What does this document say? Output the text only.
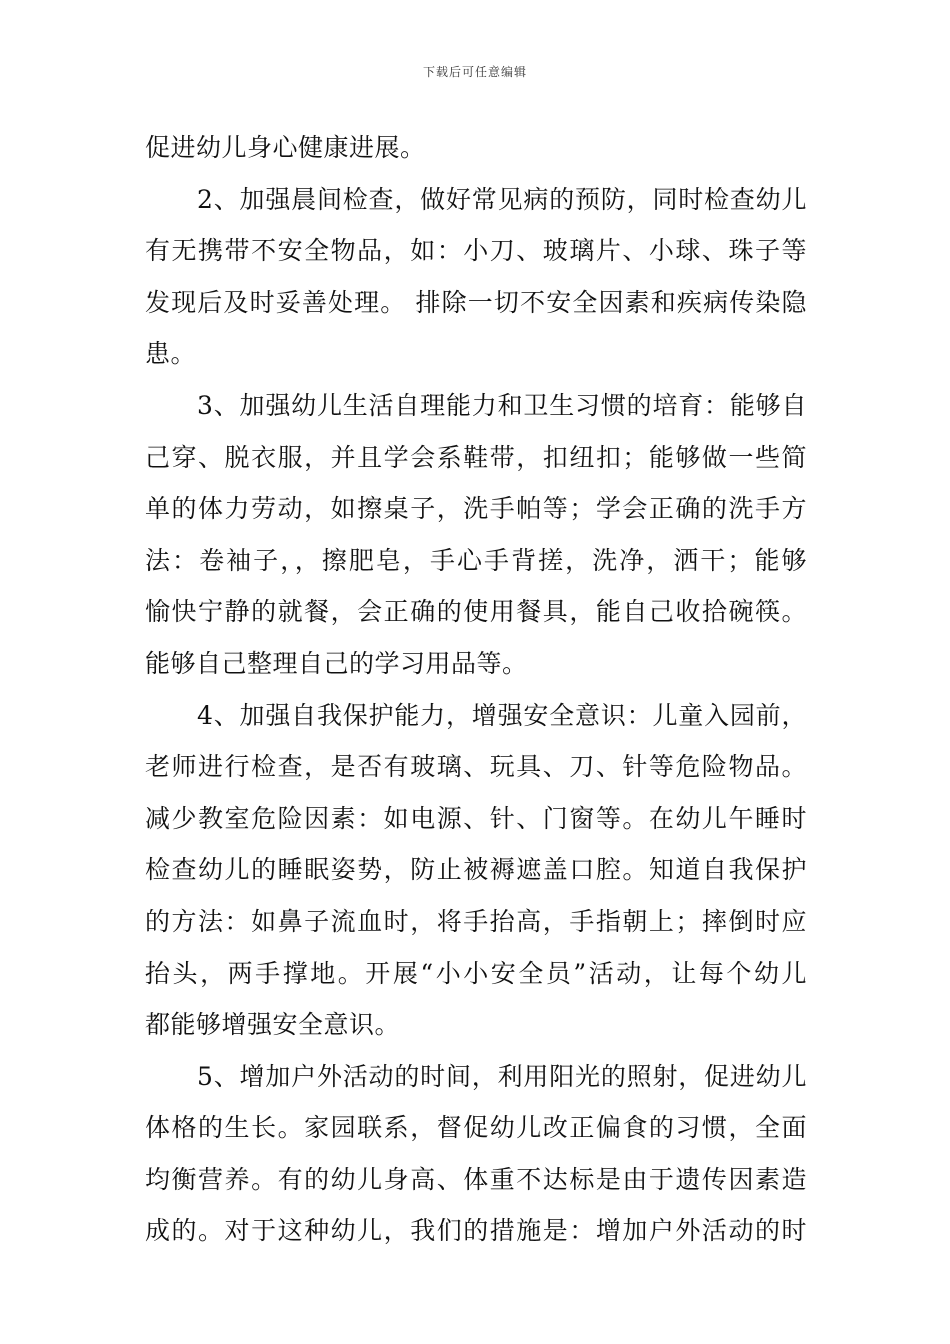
下载后可任意编辑
促进幼儿身心健康进展。
2、加强晨间检查，做好常见病的预防，同时检查幼儿
有无携带不安全物品，如：小刀、玻璃片、小球、珠子等
发现后及时妥善处理。 排除一切不安全因素和疾病传染隐
患。
3、加强幼儿生活自理能力和卫生习惯的培育：能够自
己穿、脱衣服，并且学会系鞋带，扣纽扣；能够做一些简
单的体力劳动，如擦桌子，洗手帕等；学会正确的洗手方
法：卷袖子，，擦肥皂，手心手背搓，洗净，洒干；能够
愉快宁静的就餐，会正确的使用餐具，能自己收拾碗筷。
能够自己整理自己的学习用品等。
4、加强自我保护能力，增强安全意识：儿童入园前，
老师进行检查，是否有玻璃、玩具、刀、针等危险物品。
减少教室危险因素：如电源、针、门窗等。在幼儿午睡时
检查幼儿的睡眠姿势，防止被褥遮盖口腔。知道自我保护
的方法：如鼻子流血时，将手抬高，手指朝上；摔倒时应
抬头，两手撑地。开展“小小安全员”活动，让每个幼儿
都能够增强安全意识。
5、增加户外活动的时间，利用阳光的照射，促进幼儿
体格的生长。家园联系，督促幼儿改正偏食的习惯，全面
均衡营养。有的幼儿身高、体重不达标是由于遗传因素造
成的。对于这种幼儿，我们的措施是：增加户外活动的时
